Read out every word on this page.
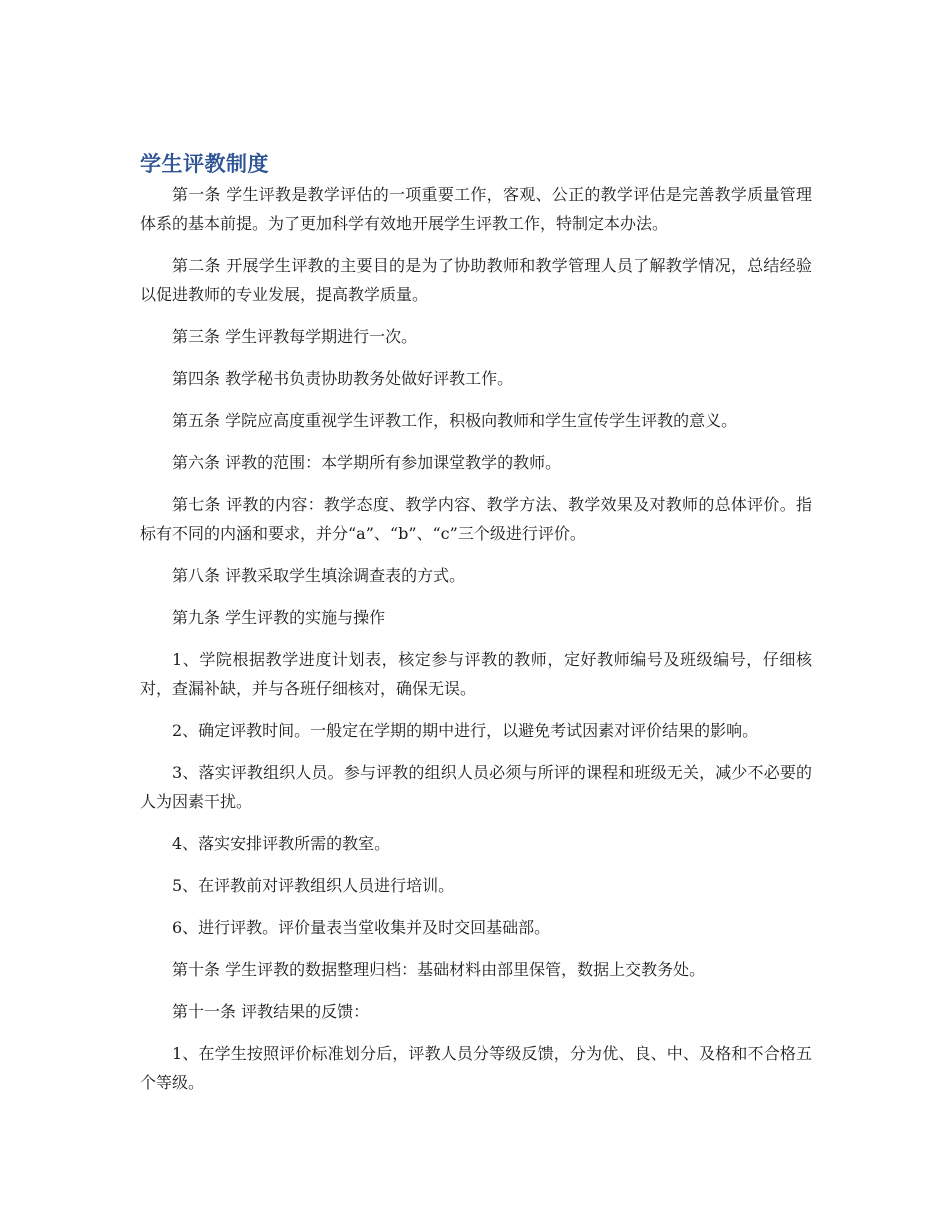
学生评教制度

第一条 学生评教是教学评估的一项重要工作，客观、公正的教学评估是完善教学质量管理体系的基本前提。为了更加科学有效地开展学生评教工作，特制定本办法。

第二条 开展学生评教的主要目的是为了协助教师和教学管理人员了解教学情况，总结经验以促进教师的专业发展，提高教学质量。

第三条 学生评教每学期进行一次。

第四条 教学秘书负责协助教务处做好评教工作。

第五条 学院应高度重视学生评教工作，积极向教师和学生宣传学生评教的意义。

第六条 评教的范围：本学期所有参加课堂教学的教师。

第七条 评教的内容：教学态度、教学内容、教学方法、教学效果及对教师的总体评价。指标有不同的内涵和要求，并分“a”、“b”、“c”三个级进行评价。

第八条 评教采取学生填涂调查表的方式。

第九条 学生评教的实施与操作

1、学院根据教学进度计划表，核定参与评教的教师，定好教师编号及班级编号，仔细核对，查漏补缺，并与各班仔细核对，确保无误。

2、确定评教时间。一般定在学期的期中进行，以避免考试因素对评价结果的影响。

3、落实评教组织人员。参与评教的组织人员必须与所评的课程和班级无关，减少不必要的人为因素干扰。

4、落实安排评教所需的教室。

5、在评教前对评教组织人员进行培训。

6、进行评教。评价量表当堂收集并及时交回基础部。

第十条 学生评教的数据整理归档：基础材料由部里保管，数据上交教务处。

第十一条 评教结果的反馈：

1、在学生按照评价标准划分后，评教人员分等级反馈，分为优、良、中、及格和不合格五个等级。
